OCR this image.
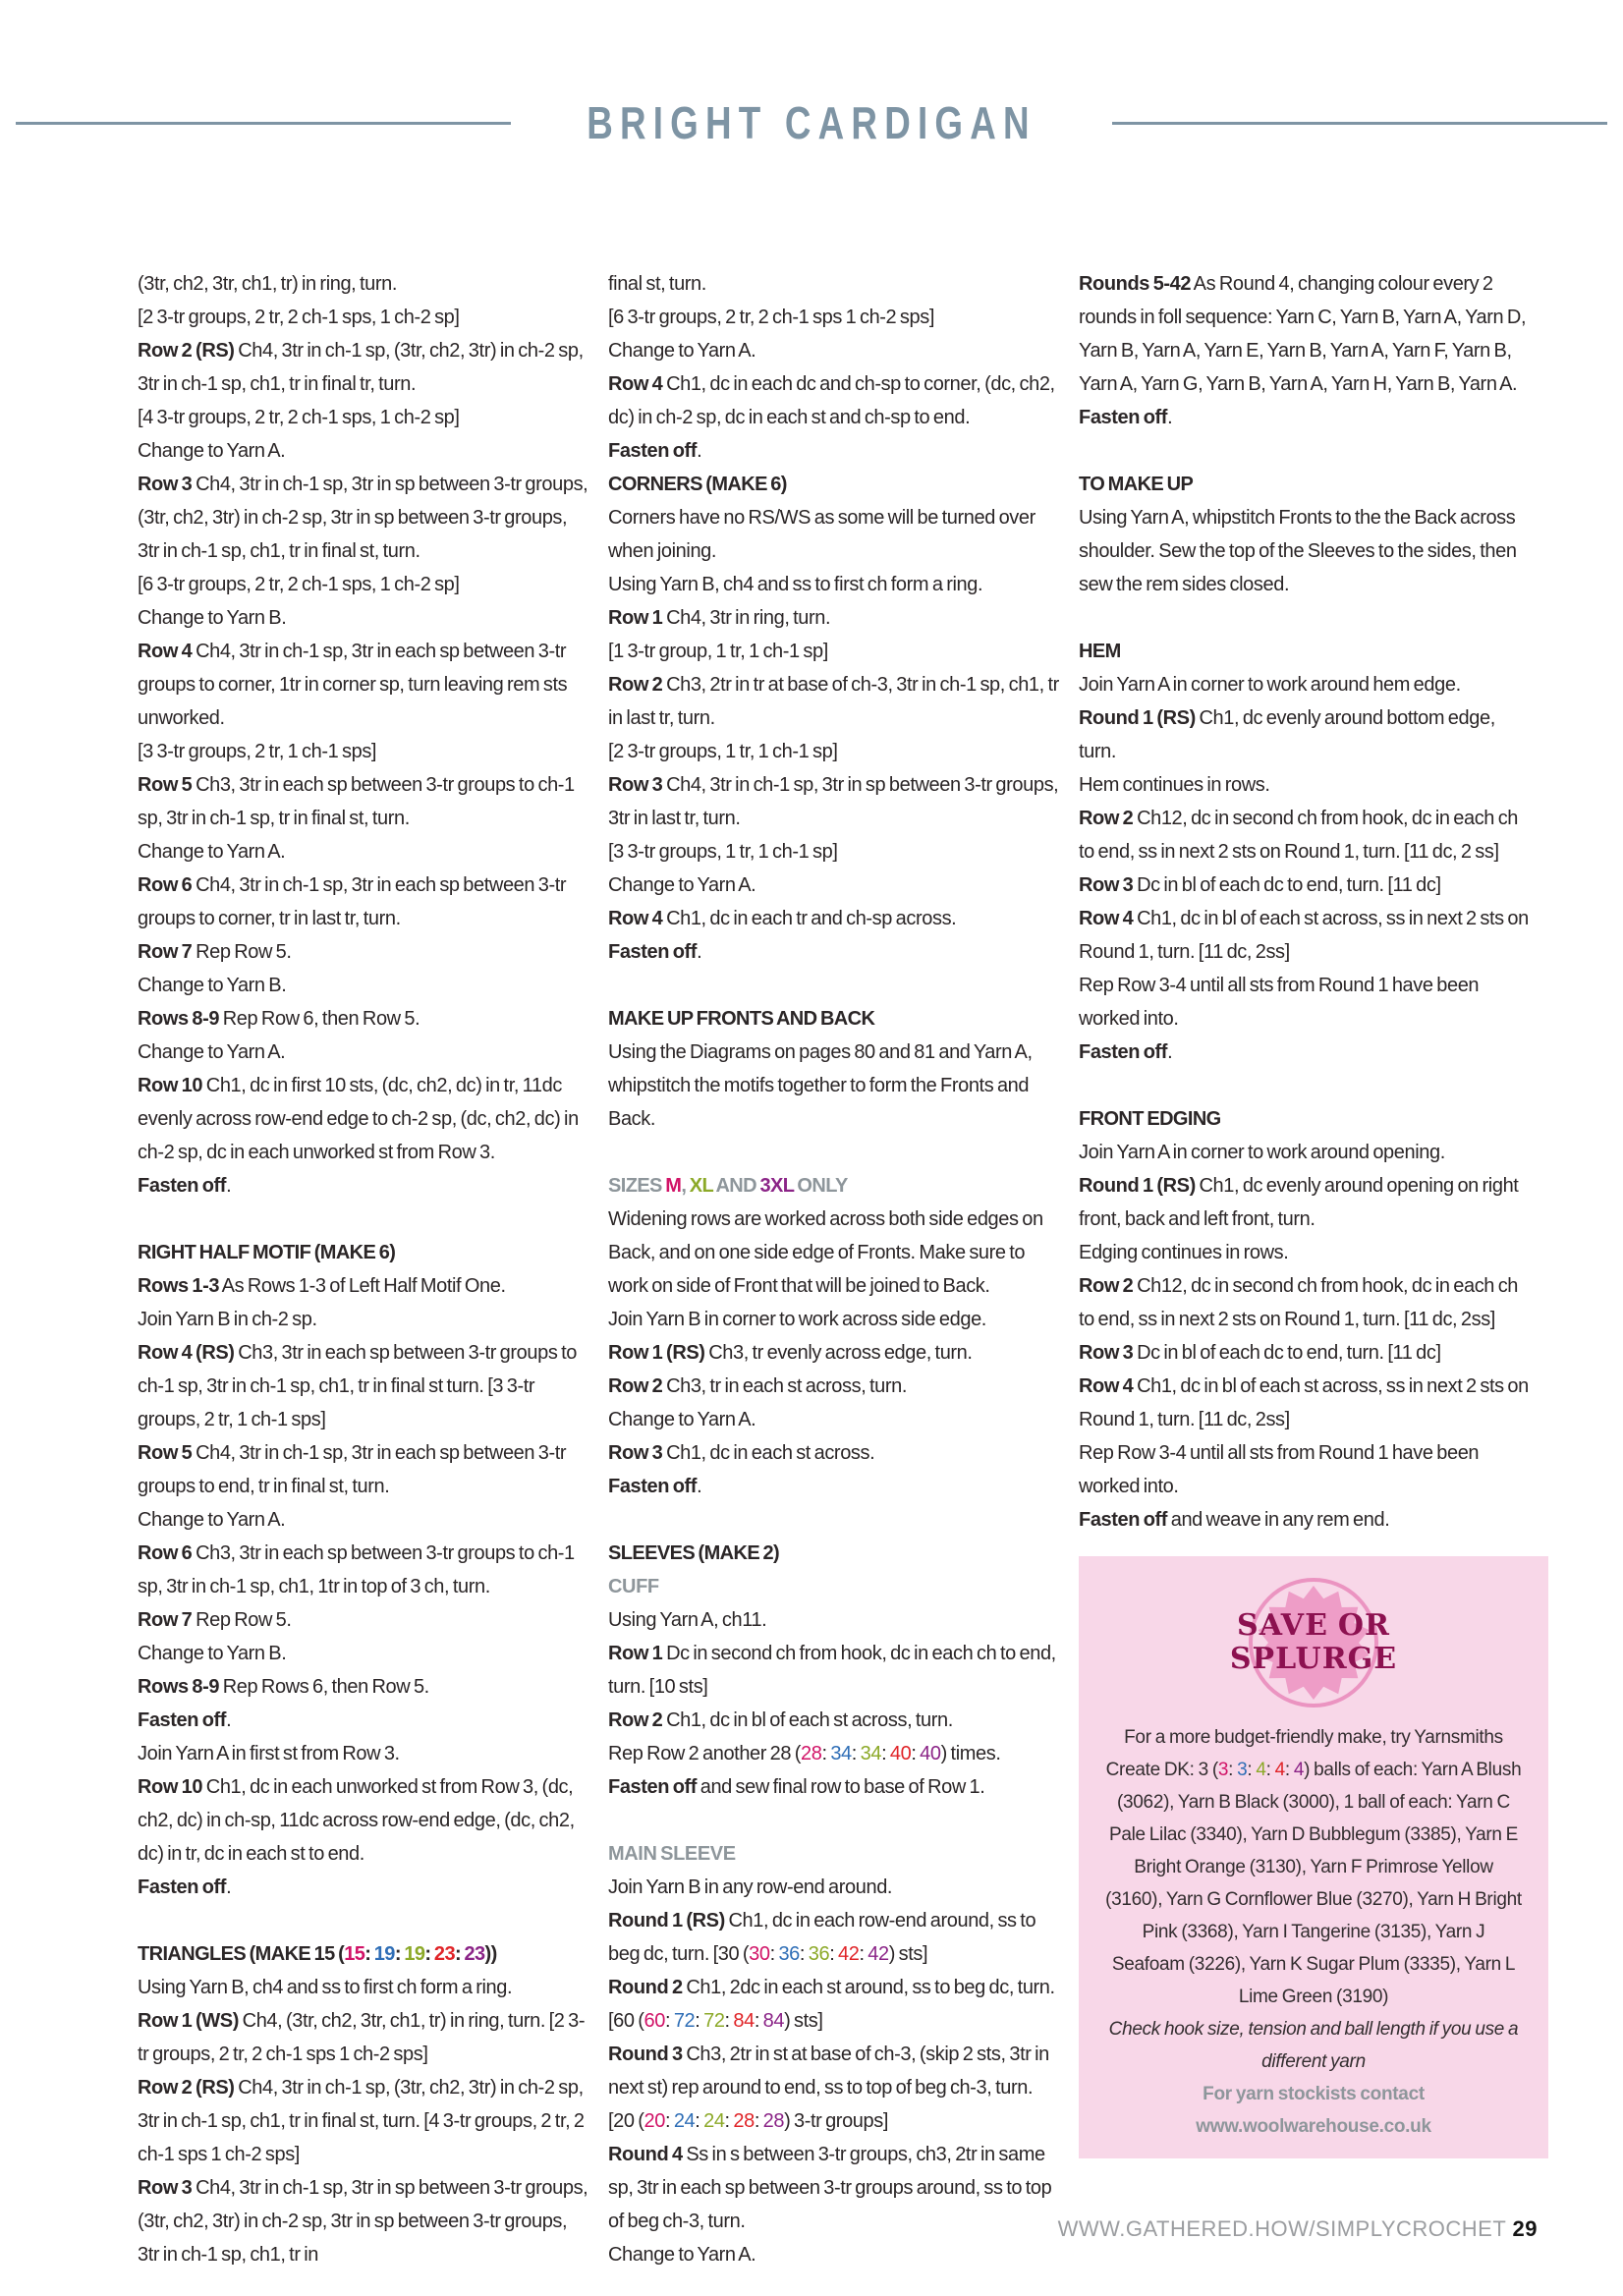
BRIGHT CARDIGAN

(3tr, ch2, 3tr, ch1, tr) in ring, turn.

[2 3-tr groups, 2 tr, 2 ch-1 sps, 1 ch-2 sp]

Row 2 (RS) Ch4, 3tr in ch-1 sp, (3tr, ch2, 3tr) in ch-2 sp, 3tr in ch-1 sp, ch1, tr in final tr, turn.

[4 3-tr groups, 2 tr, 2 ch-1 sps, 1 ch-2 sp]

Change to Yarn A.

Row 3 Ch4, 3tr in ch-1 sp, 3tr in sp between 3-tr groups, (3tr, ch2, 3tr) in ch-2 sp, 3tr in sp between 3-tr groups, 3tr in ch-1 sp, ch1, tr in final st, turn.

[6 3-tr groups, 2 tr, 2 ch-1 sps, 1 ch-2 sp]

Change to Yarn B.

Row 4 Ch4, 3tr in ch-1 sp, 3tr in each sp between 3-tr groups to corner, 1tr in corner sp, turn leaving rem sts unworked.

[3 3-tr groups, 2 tr, 1 ch-1 sps]

Row 5 Ch3, 3tr in each sp between 3-tr groups to ch-1 sp, 3tr in ch-1 sp, tr in final st, turn.

Change to Yarn A.

Row 6 Ch4, 3tr in ch-1 sp, 3tr in each sp between 3-tr groups to corner, tr in last tr, turn.

Row 7 Rep Row 5.

Change to Yarn B.

Rows 8-9 Rep Row 6, then Row 5.

Change to Yarn A.

Row 10 Ch1, dc in first 10 sts, (dc, ch2, dc) in tr, 11dc evenly across row-end edge to ch-2 sp, (dc, ch2, dc) in ch-2 sp, dc in each unworked st from Row 3.

Fasten off.

RIGHT HALF MOTIF (MAKE 6)

Rows 1-3 As Rows 1-3 of Left Half Motif One.

Join Yarn B in ch-2 sp.

Row 4 (RS) Ch3, 3tr in each sp between 3-tr groups to ch-1 sp, 3tr in ch-1 sp, ch1, tr in final st turn. [3 3-tr groups, 2 tr, 1 ch-1 sps]

Row 5 Ch4, 3tr in ch-1 sp, 3tr in each sp between 3-tr groups to end, tr in final st, turn.

Change to Yarn A.

Row 6 Ch3, 3tr in each sp between 3-tr groups to ch-1 sp, 3tr in ch-1 sp, ch1, 1tr in top of 3 ch, turn.

Row 7 Rep Row 5.

Change to Yarn B.

Rows 8-9 Rep Rows 6, then Row 5.

Fasten off.

Join Yarn A in first st from Row 3.

Row 10 Ch1, dc in each unworked st from Row 3, (dc, ch2, dc) in ch-sp, 11dc across row-end edge, (dc, ch2, dc) in tr, dc in each st to end.

Fasten off.

TRIANGLES (MAKE 15 (15: 19: 19: 23: 23))

Using Yarn B, ch4 and ss to first ch form a ring.

Row 1 (WS) Ch4, (3tr, ch2, 3tr, ch1, tr) in ring, turn. [2 3-tr groups, 2 tr, 2 ch-1 sps 1 ch-2 sps]

Row 2 (RS) Ch4, 3tr in ch-1 sp, (3tr, ch2, 3tr) in ch-2 sp, 3tr in ch-1 sp, ch1, tr in final st, turn. [4 3-tr groups, 2 tr, 2 ch-1 sps 1 ch-2 sps]

Row 3 Ch4, 3tr in ch-1 sp, 3tr in sp between 3-tr groups, (3tr, ch2, 3tr) in ch-2 sp, 3tr in sp between 3-tr groups, 3tr in ch-1 sp, ch1, tr in

final st, turn.

[6 3-tr groups, 2 tr, 2 ch-1 sps 1 ch-2 sps]

Change to Yarn A.

Row 4 Ch1, dc in each dc and ch-sp to corner, (dc, ch2, dc) in ch-2 sp, dc in each st and ch-sp to end.

Fasten off.

CORNERS (MAKE 6)

Corners have no RS/WS as some will be turned over when joining.

Using Yarn B, ch4 and ss to first ch form a ring.

Row 1 Ch4, 3tr in ring, turn.

[1 3-tr group, 1 tr, 1 ch-1 sp]

Row 2 Ch3, 2tr in tr at base of ch-3, 3tr in ch-1 sp, ch1, tr in last tr, turn.

[2 3-tr groups, 1 tr, 1 ch-1 sp]

Row 3 Ch4, 3tr in ch-1 sp, 3tr in sp between 3-tr groups, 3tr in last tr, turn.

[3 3-tr groups, 1 tr, 1 ch-1 sp]

Change to Yarn A.

Row 4 Ch1, dc in each tr and ch-sp across.

Fasten off.

MAKE UP FRONTS AND BACK

Using the Diagrams on pages 80 and 81 and Yarn A, whipstitch the motifs together to form the Fronts and Back.

SIZES M, XL AND 3XL ONLY

Widening rows are worked across both side edges on Back, and on one side edge of Fronts. Make sure to work on side of Front that will be joined to Back.

Join Yarn B in corner to work across side edge.

Row 1 (RS) Ch3, tr evenly across edge, turn.

Row 2 Ch3, tr in each st across, turn.

Change to Yarn A.

Row 3 Ch1, dc in each st across.

Fasten off.

SLEEVES (MAKE 2)

CUFF

Using Yarn A, ch11.

Row 1 Dc in second ch from hook, dc in each ch to end, turn. [10 sts]

Row 2 Ch1, dc in bl of each st across, turn.

Rep Row 2 another 28 (28: 34: 34: 40: 40) times.

Fasten off and sew final row to base of Row 1.

MAIN SLEEVE

Join Yarn B in any row-end around.

Round 1 (RS) Ch1, dc in each row-end around, ss to beg dc, turn. [30 (30: 36: 36: 42: 42) sts]

Round 2 Ch1, 2dc in each st around, ss to beg dc, turn. [60 (60: 72: 72: 84: 84) sts]

Round 3 Ch3, 2tr in st at base of ch-3, (skip 2 sts, 3tr in next st) rep around to end, ss to top of beg ch-3, turn.

[20 (20: 24: 24: 28: 28) 3-tr groups]

Round 4 Ss in s between 3-tr groups, ch3, 2tr in same sp, 3tr in each sp between 3-tr groups around, ss to top of beg ch-3, turn.

Change to Yarn A.

Rounds 5-42 As Round 4, changing colour every 2 rounds in foll sequence: Yarn C, Yarn B, Yarn A, Yarn D, Yarn B, Yarn A, Yarn E, Yarn B, Yarn A, Yarn F, Yarn B, Yarn A, Yarn G, Yarn B, Yarn A, Yarn H, Yarn B, Yarn A.

Fasten off.

TO MAKE UP

Using Yarn A, whipstitch Fronts to the the Back across shoulder. Sew the top of the Sleeves to the sides, then sew the rem sides closed.

HEM

Join Yarn A in corner to work around hem edge.

Round 1 (RS) Ch1, dc evenly around bottom edge, turn.

Hem continues in rows.

Row 2 Ch12, dc in second ch from hook, dc in each ch to end, ss in next 2 sts on Round 1, turn. [11 dc, 2 ss]

Row 3 Dc in bl of each dc to end, turn. [11 dc]

Row 4 Ch1, dc in bl of each st across, ss in next 2 sts on Round 1, turn. [11 dc, 2ss]

Rep Row 3-4 until all sts from Round 1 have been worked into.

Fasten off.

FRONT EDGING

Join Yarn A in corner to work around opening.

Round 1 (RS) Ch1, dc evenly around opening on right front, back and left front, turn.

Edging continues in rows.

Row 2 Ch12, dc in second ch from hook, dc in each ch to end, ss in next 2 sts on Round 1, turn. [11 dc, 2ss]

Row 3 Dc in bl of each dc to end, turn. [11 dc]

Row 4 Ch1, dc in bl of each st across, ss in next 2 sts on Round 1, turn. [11 dc, 2ss]

Rep Row 3-4 until all sts from Round 1 have been worked into.

Fasten off and weave in any rem end.

SAVE OR
SPLURGE

For a more budget-friendly make, try Yarnsmiths Create DK: 3 (3: 3: 4: 4: 4) balls of each: Yarn A Blush (3062), Yarn B Black (3000), 1 ball of each: Yarn C Pale Lilac (3340), Yarn D Bubblegum (3385), Yarn E Bright Orange (3130), Yarn F Primrose Yellow (3160), Yarn G Cornflower Blue (3270), Yarn H Bright Pink (3368), Yarn I Tangerine (3135), Yarn J Seafoam (3226), Yarn K Sugar Plum (3335), Yarn L Lime Green (3190)

Check hook size, tension and ball length if you use a different yarn

For yarn stockists contact

www.woolwarehouse.co.uk

WWW.GATHERED.HOW/SIMPLYCROCHET 29
